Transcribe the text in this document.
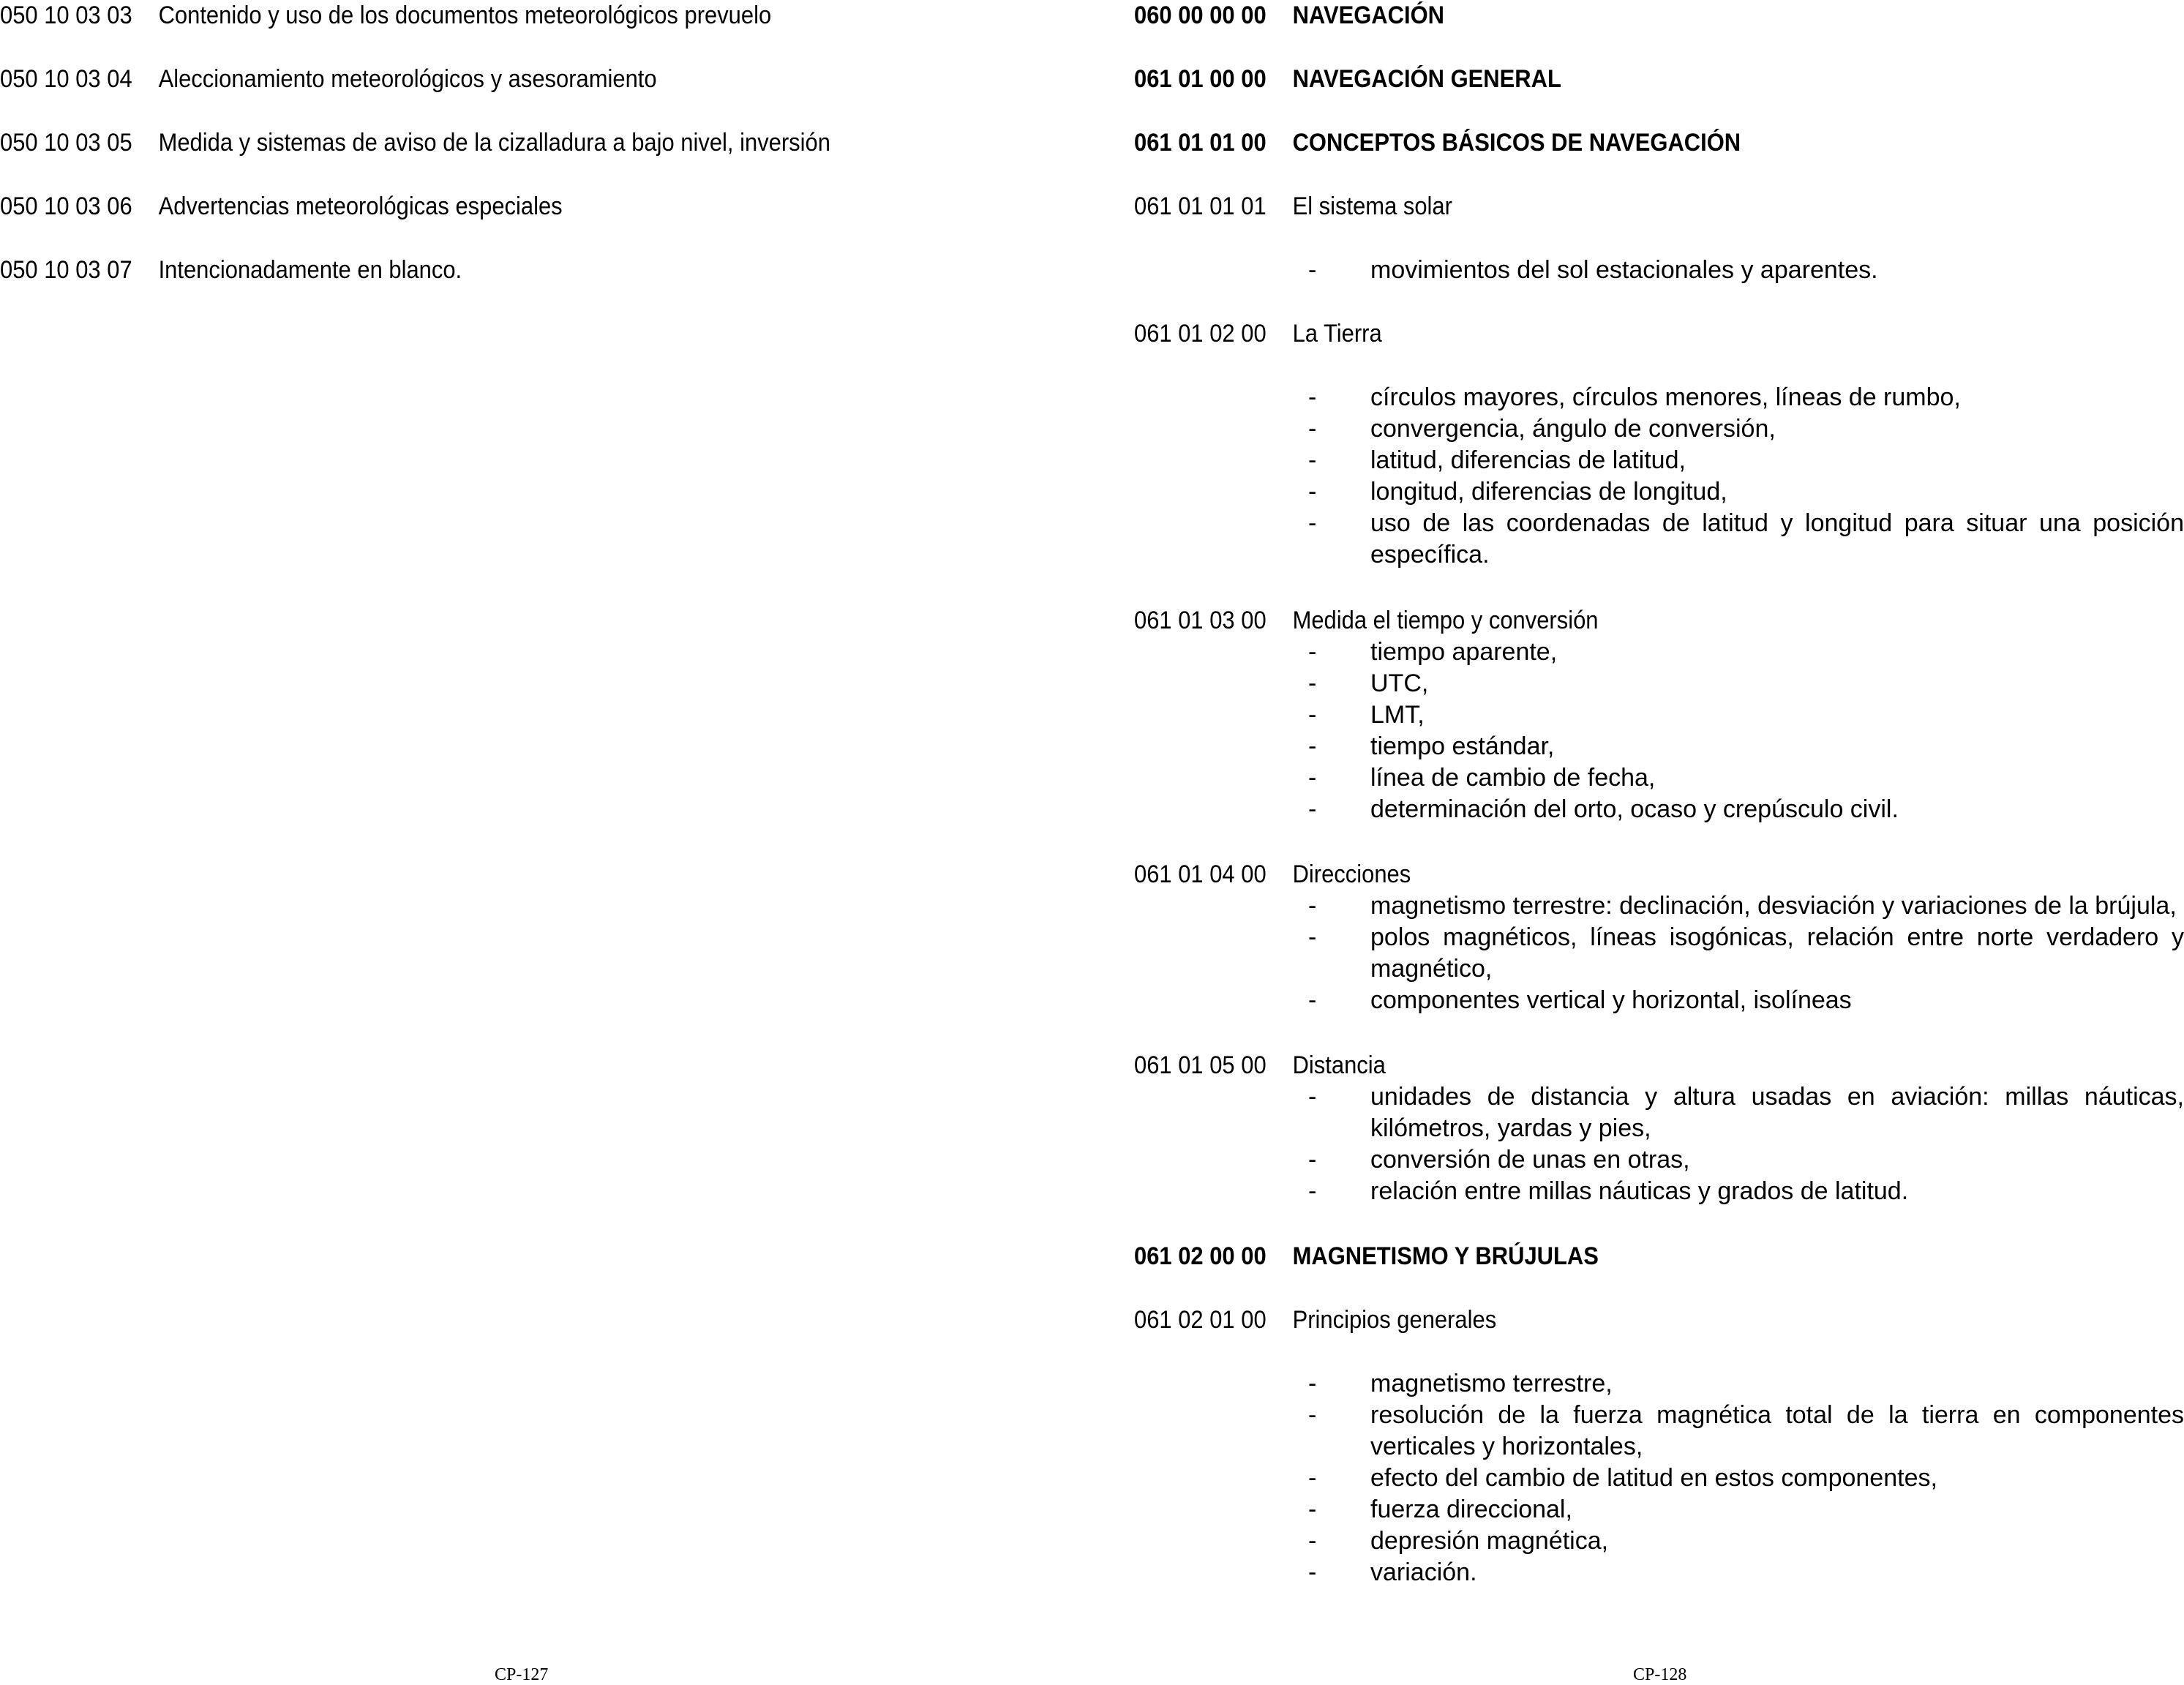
050 10 03 03 Contenido y uso de los documentos meteorológicos prevuelo
050 10 03 04 Aleccionamiento meteorológicos y asesoramiento
050 10 03 05 Medida y sistemas de aviso de la cizalladura a bajo nivel, inversión
050 10 03 06 Advertencias meteorológicas especiales
050 10 03 07 Intencionadamente en blanco.
CP-127
060 00 00 00 NAVEGACIÓN
061 01 00 00 NAVEGACIÓN GENERAL
061 01 01 00 CONCEPTOS BÁSICOS DE NAVEGACIÓN
061 01 01 01 El sistema solar
- movimientos del sol estacionales y aparentes.
061 01 02 00 La Tierra
- círculos mayores, círculos menores, líneas de rumbo,
- convergencia, ángulo de conversión,
- latitud, diferencias de latitud,
- longitud, diferencias de longitud,
- uso de las coordenadas de latitud y longitud para situar una posición específica.
061 01 03 00 Medida el tiempo y conversión
- tiempo aparente,
- UTC,
- LMT,
- tiempo estándar,
- línea de cambio de fecha,
- determinación del orto, ocaso y crepúsculo civil.
061 01 04 00 Direcciones
- magnetismo terrestre: declinación, desviación y variaciones de la brújula,
- polos magnéticos, líneas isogónicas, relación entre norte verdadero y magnético,
- componentes vertical y horizontal, isolíneas
061 01 05 00 Distancia
- unidades de distancia y altura usadas en aviación: millas náuticas, kilómetros, yardas y pies,
- conversión de unas en otras,
- relación entre millas náuticas y grados de latitud.
061 02 00 00 MAGNETISMO Y BRÚJULAS
061 02 01 00 Principios generales
- magnetismo terrestre,
- resolución de la fuerza magnética total de la tierra en componentes verticales y horizontales,
- efecto del cambio de latitud en estos componentes,
- fuerza direccional,
- depresión magnética,
- variación.
CP-128
